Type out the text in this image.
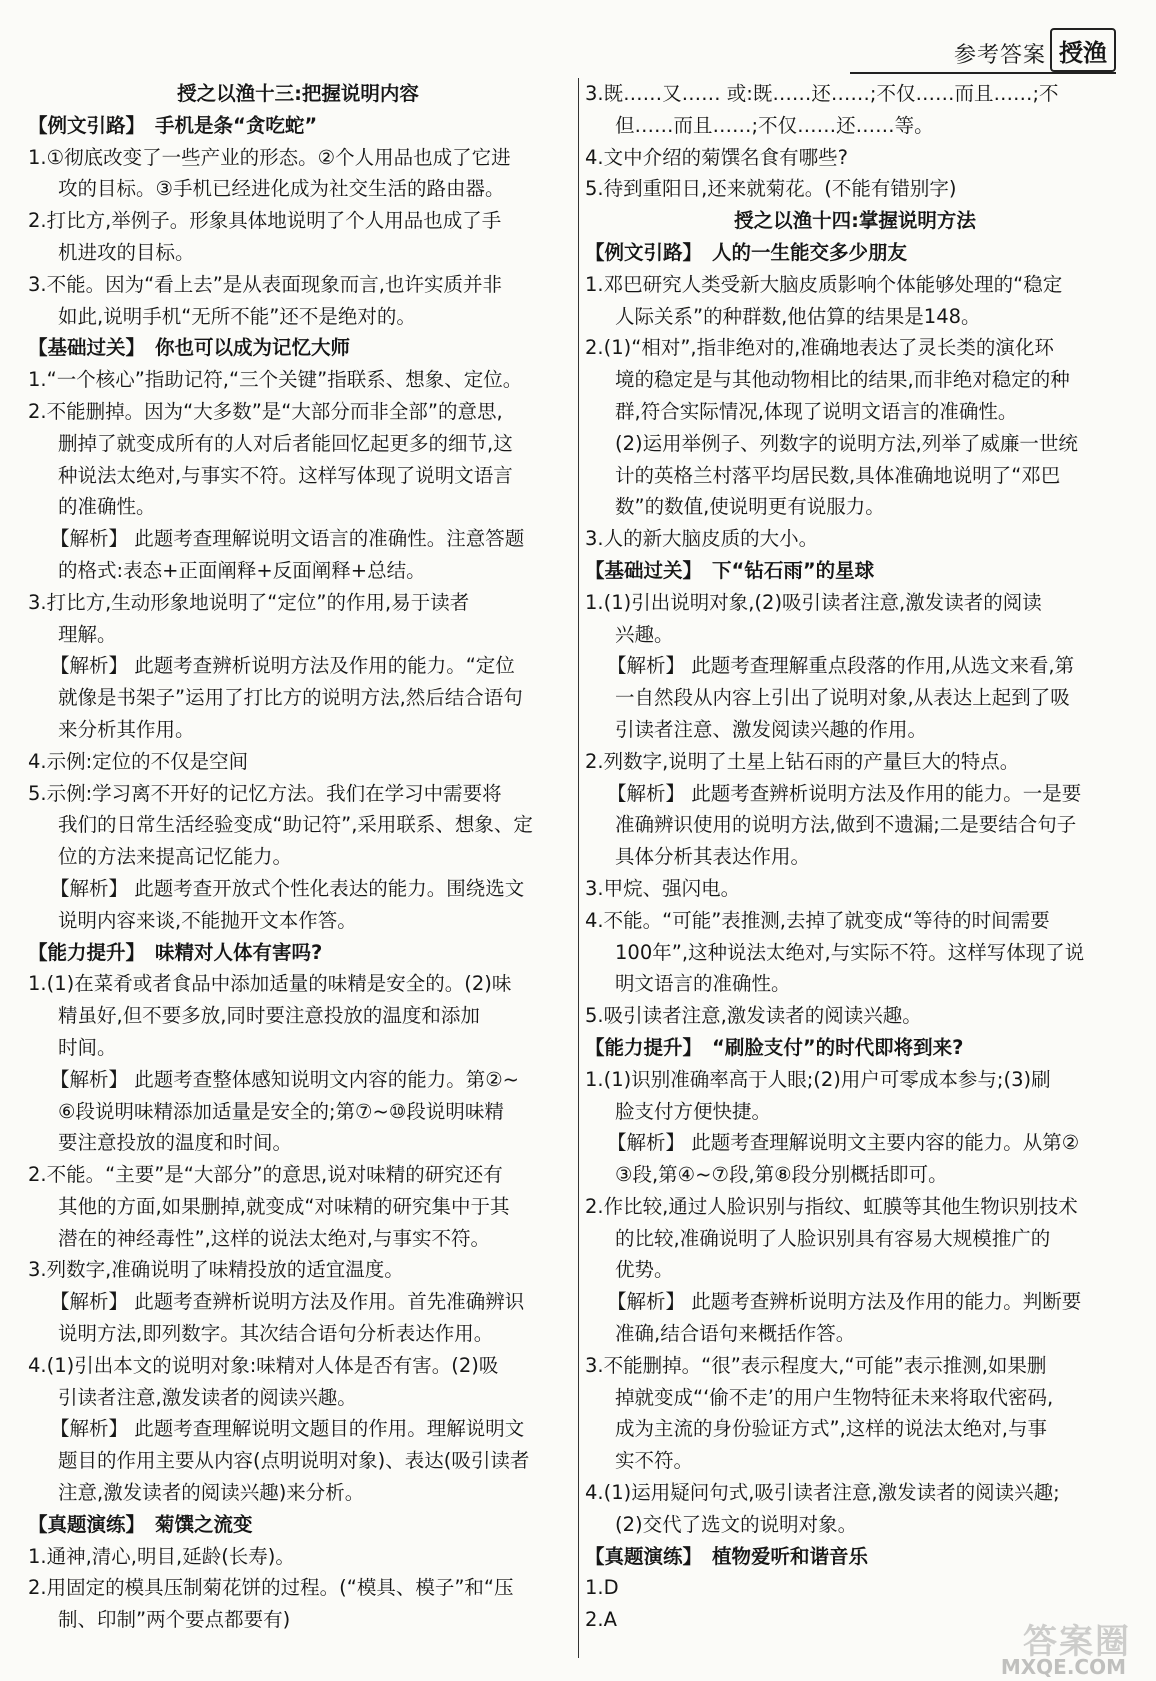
参考答案 授渔
授之以渔十三:把握说明内容
【例文引路】 手机是条“贪吃蛇”
1.①彻底改变了一些产业的形态。②个人用品也成了它进
攻的目标。③手机已经进化成为社交生活的路由器。
2.打比方,举例子。形象具体地说明了个人用品也成了手
机进攻的目标。
3.不能。因为“看上去”是从表面现象而言,也许实质并非
如此,说明手机“无所不能”还不是绝对的。
【基础过关】 你也可以成为记忆大师
1.“一个核心”指助记符,“三个关键”指联系、想象、定位。
2.不能删掉。因为“大多数”是“大部分而非全部”的意思,
删掉了就变成所有的人对后者能回忆起更多的细节,这
种说法太绝对,与事实不符。这样写体现了说明文语言
的准确性。
【解析】 此题考查理解说明文语言的准确性。注意答题
的格式:表态+正面阐释+反面阐释+总结。
3.打比方,生动形象地说明了“定位”的作用,易于读者
理解。
【解析】 此题考查辨析说明方法及作用的能力。“定位
就像是书架子”运用了打比方的说明方法,然后结合语句
来分析其作用。
4.示例:定位的不仅是空间
5.示例:学习离不开好的记忆方法。我们在学习中需要将
我们的日常生活经验变成“助记符”,采用联系、想象、定
位的方法来提高记忆能力。
【解析】 此题考查开放式个性化表达的能力。围绕选文
说明内容来谈,不能抛开文本作答。
【能力提升】 味精对人体有害吗?
1.(1)在菜肴或者食品中添加适量的味精是安全的。(2)味
精虽好,但不要多放,同时要注意投放的温度和添加
时间。
【解析】 此题考查整体感知说明文内容的能力。第②~
⑥段说明味精添加适量是安全的;第⑦~⑩段说明味精
要注意投放的温度和时间。
2.不能。“主要”是“大部分”的意思,说对味精的研究还有
其他的方面,如果删掉,就变成“对味精的研究集中于其
潜在的神经毒性”,这样的说法太绝对,与事实不符。
3.列数字,准确说明了味精投放的适宜温度。
【解析】 此题考查辨析说明方法及作用。首先准确辨识
说明方法,即列数字。其次结合语句分析表达作用。
4.(1)引出本文的说明对象:味精对人体是否有害。(2)吸
引读者注意,激发读者的阅读兴趣。
【解析】 此题考查理解说明文题目的作用。理解说明文
题目的作用主要从内容(点明说明对象)、表达(吸引读者
注意,激发读者的阅读兴趣)来分析。
【真题演练】 菊馔之流变
1.通神,清心,明目,延龄(长寿)。
2.用固定的模具压制菊花饼的过程。(“模具、模子”和“压
制、印制”两个要点都要有)
3.既……又…… 或:既……还……;不仅……而且……;不
但……而且……;不仅……还……等。
4.文中介绍的菊馔名食有哪些?
5.待到重阳日,还来就菊花。(不能有错别字)
授之以渔十四:掌握说明方法
【例文引路】 人的一生能交多少朋友
1.邓巴研究人类受新大脑皮质影响个体能够处理的“稳定
人际关系”的种群数,他估算的结果是148。
2.(1)“相对”,指非绝对的,准确地表达了灵长类的演化环
境的稳定是与其他动物相比的结果,而非绝对稳定的种
群,符合实际情况,体现了说明文语言的准确性。
(2)运用举例子、列数字的说明方法,列举了威廉一世统
计的英格兰村落平均居民数,具体准确地说明了“邓巴
数”的数值,使说明更有说服力。
3.人的新大脑皮质的大小。
【基础过关】 下“钻石雨”的星球
1.(1)引出说明对象,(2)吸引读者注意,激发读者的阅读
兴趣。
【解析】 此题考查理解重点段落的作用,从选文来看,第
一自然段从内容上引出了说明对象,从表达上起到了吸
引读者注意、激发阅读兴趣的作用。
2.列数字,说明了土星上钻石雨的产量巨大的特点。
【解析】 此题考查辨析说明方法及作用的能力。一是要
准确辨识使用的说明方法,做到不遗漏;二是要结合句子
具体分析其表达作用。
3.甲烷、强闪电。
4.不能。“可能”表推测,去掉了就变成“等待的时间需要
100年”,这种说法太绝对,与实际不符。这样写体现了说
明文语言的准确性。
5.吸引读者注意,激发读者的阅读兴趣。
【能力提升】 “刷脸支付”的时代即将到来?
1.(1)识别准确率高于人眼;(2)用户可零成本参与;(3)刷
脸支付方便快捷。
【解析】 此题考查理解说明文主要内容的能力。从第②
③段,第④~⑦段,第⑧段分别概括即可。
2.作比较,通过人脸识别与指纹、虹膜等其他生物识别技术
的比较,准确说明了人脸识别具有容易大规模推广的
优势。
【解析】 此题考查辨析说明方法及作用的能力。判断要
准确,结合语句来概括作答。
3.不能删掉。“很”表示程度大,“可能”表示推测,如果删
掉就变成“‘偷不走’的用户生物特征未来将取代密码,
成为主流的身份验证方式”,这样的说法太绝对,与事
实不符。
4.(1)运用疑问句式,吸引读者注意,激发读者的阅读兴趣;
(2)交代了选文的说明对象。
【真题演练】 植物爱听和谐音乐
1.D
2.A
答案圈
MXQE.COM
